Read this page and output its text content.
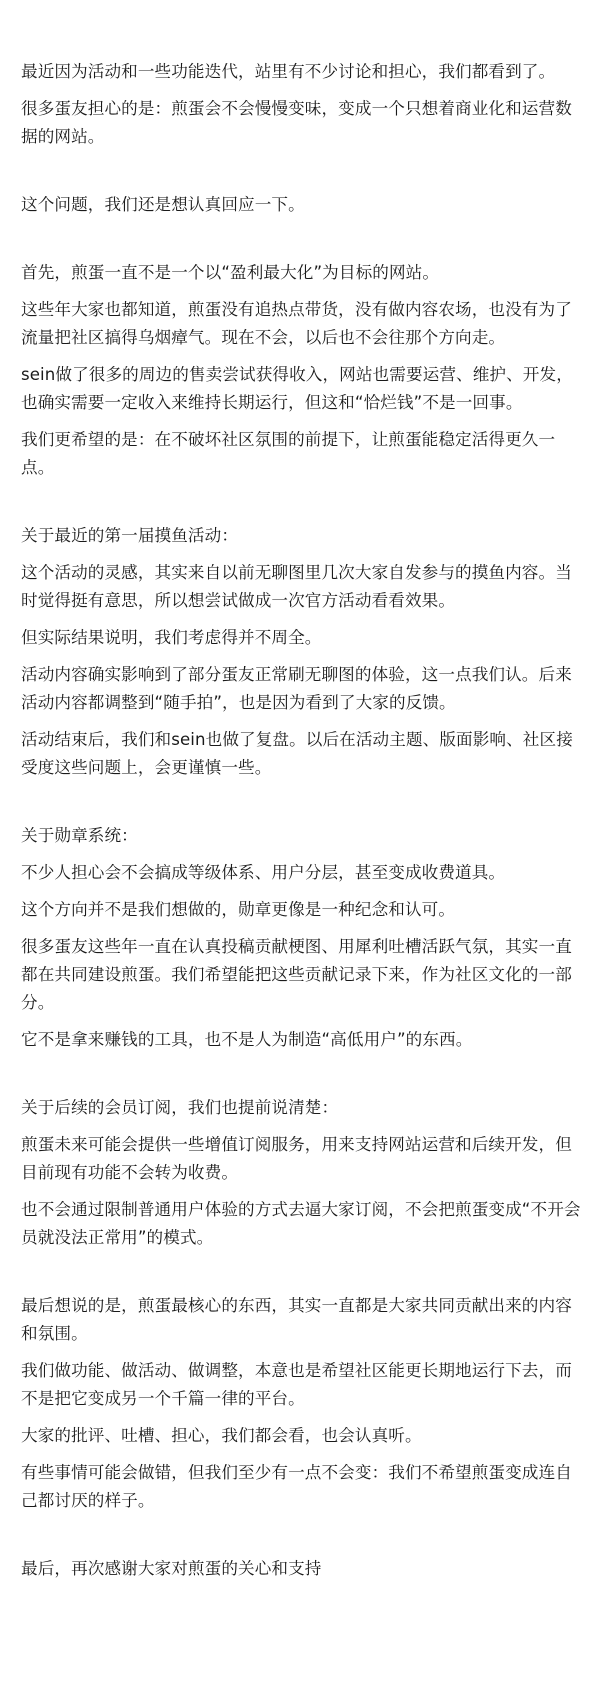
最近因为活动和一些功能迭代，站里有不少讨论和担心，我们都看到了。

很多蛋友担心的是：煎蛋会不会慢慢变味，变成一个只想着商业化和运营数据的网站。

这个问题，我们还是想认真回应一下。

首先，煎蛋一直不是一个以“盈利最大化”为目标的网站。

这些年大家也都知道，煎蛋没有追热点带货，没有做内容农场，也没有为了流量把社区搞得乌烟瘴气。现在不会，以后也不会往那个方向走。

sein做了很多的周边的售卖尝试获得收入，网站也需要运营、维护、开发，也确实需要一定收入来维持长期运行，但这和“恰烂钱”不是一回事。

我们更希望的是：在不破坏社区氛围的前提下，让煎蛋能稳定活得更久一点。

关于最近的第一届摸鱼活动：

这个活动的灵感，其实来自以前无聊图里几次大家自发参与的摸鱼内容。当时觉得挺有意思，所以想尝试做成一次官方活动看看效果。

但实际结果说明，我们考虑得并不周全。

活动内容确实影响到了部分蛋友正常刷无聊图的体验，这一点我们认。后来活动内容都调整到“随手拍”，也是因为看到了大家的反馈。

活动结束后，我们和sein也做了复盘。以后在活动主题、版面影响、社区接受度这些问题上，会更谨慎一些。

关于勋章系统：

不少人担心会不会搞成等级体系、用户分层，甚至变成收费道具。

这个方向并不是我们想做的，勋章更像是一种纪念和认可。

很多蛋友这些年一直在认真投稿贡献梗图、用犀利吐槽活跃气氛，其实一直都在共同建设煎蛋。我们希望能把这些贡献记录下来，作为社区文化的一部分。

它不是拿来赚钱的工具，也不是人为制造“高低用户”的东西。

关于后续的会员订阅，我们也提前说清楚：

煎蛋未来可能会提供一些增值订阅服务，用来支持网站运营和后续开发，但目前现有功能不会转为收费。

也不会通过限制普通用户体验的方式去逼大家订阅，不会把煎蛋变成“不开会员就没法正常用”的模式。

最后想说的是，煎蛋最核心的东西，其实一直都是大家共同贡献出来的内容和氛围。

我们做功能、做活动、做调整，本意也是希望社区能更长期地运行下去，而不是把它变成另一个千篇一律的平台。

大家的批评、吐槽、担心，我们都会看，也会认真听。

有些事情可能会做错，但我们至少有一点不会变：我们不希望煎蛋变成连自己都讨厌的样子。

最后，再次感谢大家对煎蛋的关心和支持
